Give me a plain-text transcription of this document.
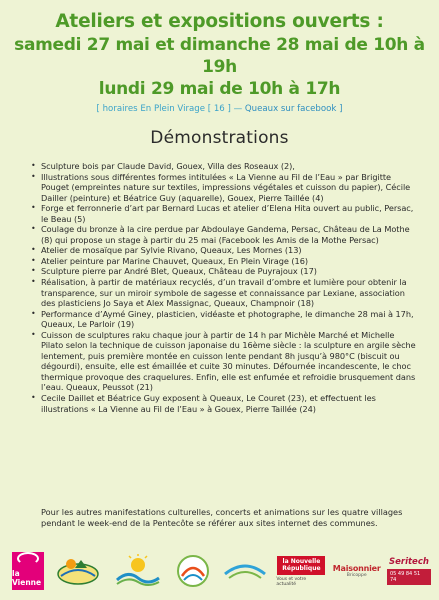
Ateliers et expositions ouverts :
samedi 27 mai et dimanche 28 mai de 10h à 19h
lundi 29 mai de 10h à 17h
[ horaires En Plein Virage [ 16 ] — Queaux sur facebook ]
Démonstrations
• Sculpture bois par Claude David, Gouex, Villa des Roseaux (2),
• Illustrations sous différentes formes intitulées « La Vienne au Fil de l’Eau » par Brigitte Pouget (empreintes nature sur textiles, impressions végétales et cuisson du papier), Cécile Dailler (peinture) et Béatrice Guy (aquarelle), Gouex, Pierre Taillée (4)
• Forge et ferronnerie d’art par Bernard Lucas et atelier d’Elena Hita ouvert au public, Persac, le Beau (5)
• Coulage du bronze à la cire perdue par Abdoulaye Gandema, Persac, Château de La Mothe (8) qui propose un stage à partir du 25 mai (Facebook les Amis de la Mothe Persac)
• Atelier de mosaïque par Sylvie Rivano, Queaux, Les Mornes (13)
• Atelier peinture par Marine Chauvet, Queaux, En Plein Virage (16)
• Sculpture pierre par André Blet, Queaux, Château de Puyrajoux (17)
• Réalisation, à partir de matériaux recyclés, d’un travail d’ombre et lumière pour obtenir la transparence, sur un miroir symbole de sagesse et connaissance par Lexiane, association des plasticiens Jo Saya et Alex Massignac, Queaux, Champnoir (18)
• Performance d’Aymé Giney, plasticien, vidéaste et photographe, le dimanche 28 mai à 17h, Queaux, Le Parloir (19)
• Cuisson de sculptures raku chaque jour à partir de 14 h par Michèle Marché et Michelle Pilato selon la technique de cuisson japonaise du 16ème siècle : la sculpture en argile sèche lentement, puis première montée en cuisson lente pendant 8h jusqu’à 980°C (biscuit ou dégourdi), ensuite, elle est émaillée et cuite 30 minutes. Défournée incandescente, le choc thermique provoque des craquelures. Enfin, elle est enfumée et refroidie brusquement dans l’eau. Queaux, Peussot (21)
• Cecile Daillet et Béatrice Guy exposent à Queaux, Le Couret (23), et effectuent les illustrations « La Vienne au Fil de l’Eau » à Gouex, Pierre Taillée (24)
Pour les autres manifestations culturelles, concerts et animations sur les quatre villages pendant le week-end de la Pentecôte se référer aux sites internet des communes.
la Vienne
la Nouvelle République
Vous et votre actualité
Maisonnier
Bricoppe
Seritech
05 49 84 51 74
